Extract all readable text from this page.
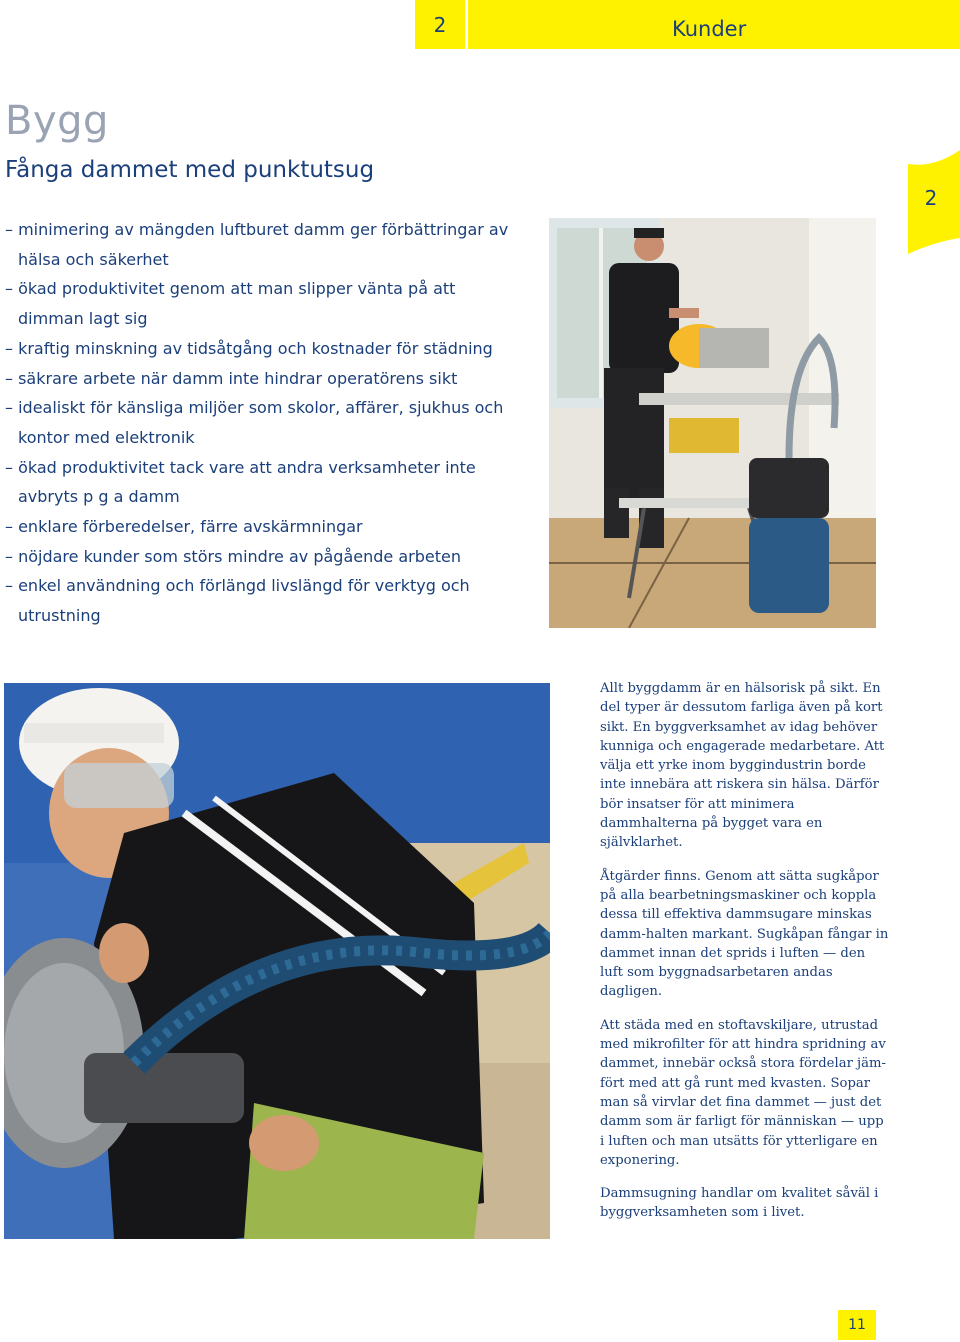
2	Kunder
Bygg
Fånga dammet med punktutsug
– minimering av mängden luftburet damm ger förbättringar av hälsa och säkerhet
– ökad produktivitet genom att man slipper vänta på att dimman lagt sig
– kraftig minskning av tidsåtgång och kostnader för städning
– säkrare arbete när damm inte hindrar operatörens sikt
– idealiskt för känsliga miljöer som skolor, affärer, sjukhus och kontor med elektronik
– ökad produktivitet tack vare att andra verksamheter inte avbryts p g a damm
– enklare förberedelser, färre avskärmningar
– nöjdare kunder som störs mindre av pågående arbeten
– enkel användning och förlängd livslängd för verktyg och utrustning
2

Allt byggdamm är en hälsorisk på sikt. En del typer är dessutom farliga även på kort sikt. En byggverksamhet av idag behöver kunniga och engagerade medarbetare. Att välja ett yrke inom byggindustrin borde inte innebära att riskera sin hälsa. Därför bör insatser för att minimera dammhalterna på bygget vara en självklarhet.

Åtgärder finns. Genom att sätta sugkåpor på alla bearbetningsmaskiner och koppla dessa till effektiva dammsugare minskas damm-halten markant. Sugkåpan fångar in dammet innan det sprids i luften — den luft som byggnadsarbetaren andas dagligen.

Att städa med en stoftavskiljare, utrustad med mikrofilter för att hindra spridning av dammet, innebär också stora fördelar jäm-fört med att gå runt med kvasten. Sopar man så virvlar det fina dammet — just det damm som är farligt för människan — upp i luften och man utsätts för ytterligare en exponering.

Dammsugning handlar om kvalitet såväl i byggverksamheten som i livet.

11
